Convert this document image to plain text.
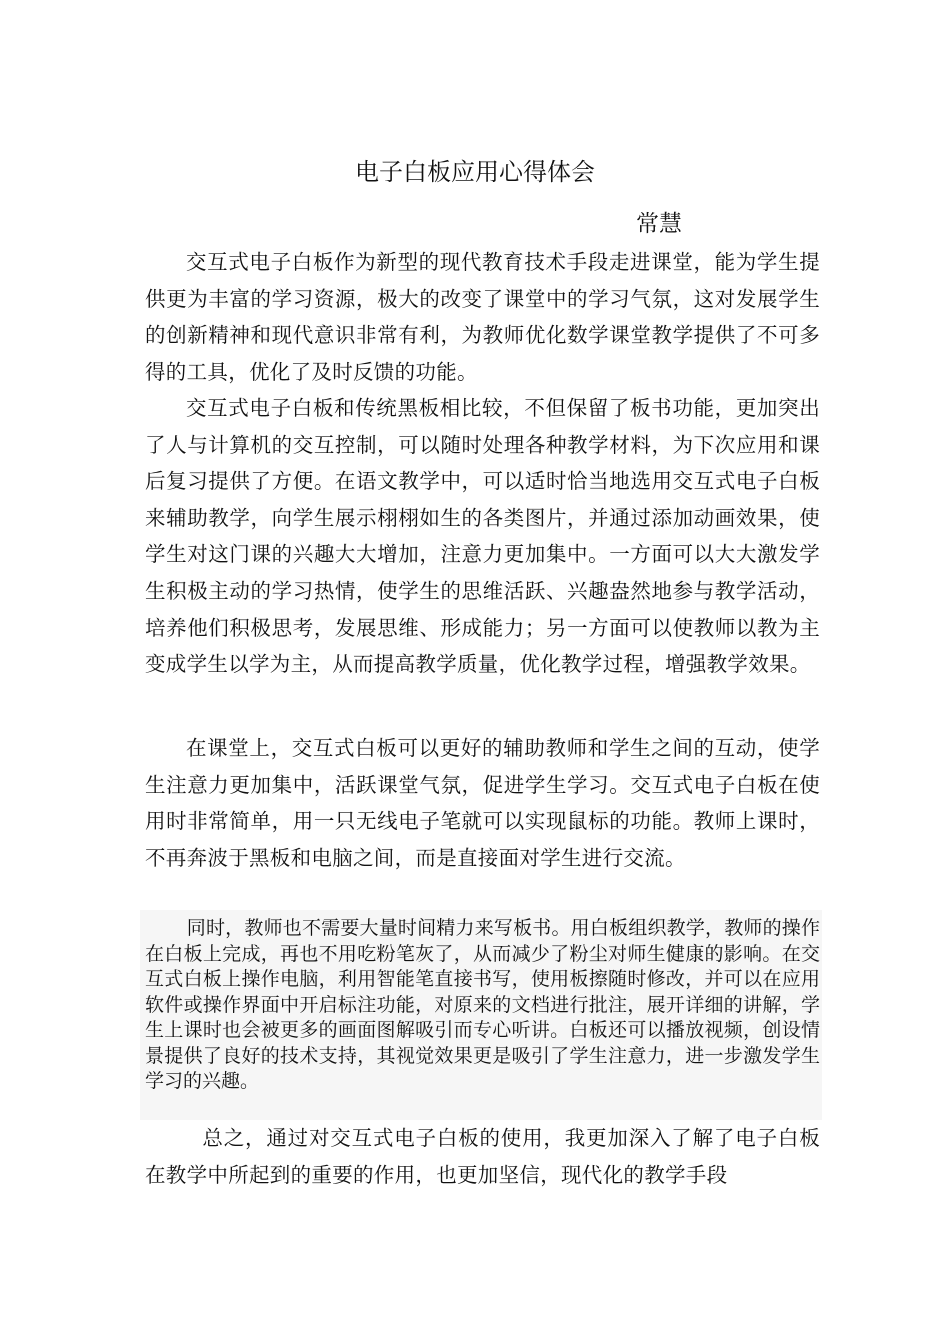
电子白板应用心得体会
常慧

交互式电子白板作为新型的现代教育技术手段走进课堂，能为学生提供更为丰富的学习资源，极大的改变了课堂中的学习气氛，这对发展学生的创新精神和现代意识非常有利，为教师优化数学课堂教学提供了不可多得的工具，优化了及时反馈的功能。

交互式电子白板和传统黑板相比较，不但保留了板书功能，更加突出了人与计算机的交互控制，可以随时处理各种教学材料，为下次应用和课后复习提供了方便。在语文教学中，可以适时恰当地选用交互式电子白板来辅助教学，向学生展示栩栩如生的各类图片，并通过添加动画效果，使学生对这门课的兴趣大大增加，注意力更加集中。一方面可以大大激发学生积极主动的学习热情，使学生的思维活跃、兴趣盎然地参与教学活动，培养他们积极思考，发展思维、形成能力；另一方面可以使教师以教为主变成学生以学为主，从而提高教学质量，优化教学过程，增强教学效果。

在课堂上，交互式白板可以更好的辅助教师和学生之间的互动，使学生注意力更加集中，活跃课堂气氛，促进学生学习。交互式电子白板在使用时非常简单，用一只无线电子笔就可以实现鼠标的功能。教师上课时，不再奔波于黑板和电脑之间，而是直接面对学生进行交流。

同时，教师也不需要大量时间精力来写板书。用白板组织教学，教师的操作在白板上完成，再也不用吃粉笔灰了，从而减少了粉尘对师生健康的影响。在交互式白板上操作电脑，利用智能笔直接书写，使用板擦随时修改，并可以在应用软件或操作界面中开启标注功能，对原来的文档进行批注，展开详细的讲解，学生上课时也会被更多的画面图解吸引而专心听讲。白板还可以播放视频，创设情景提供了良好的技术支持，其视觉效果更是吸引了学生注意力，进一步激发学生学习的兴趣。

总之，通过对交互式电子白板的使用，我更加深入了解了电子白板在教学中所起到的重要的作用，也更加坚信，现代化的教学手段
